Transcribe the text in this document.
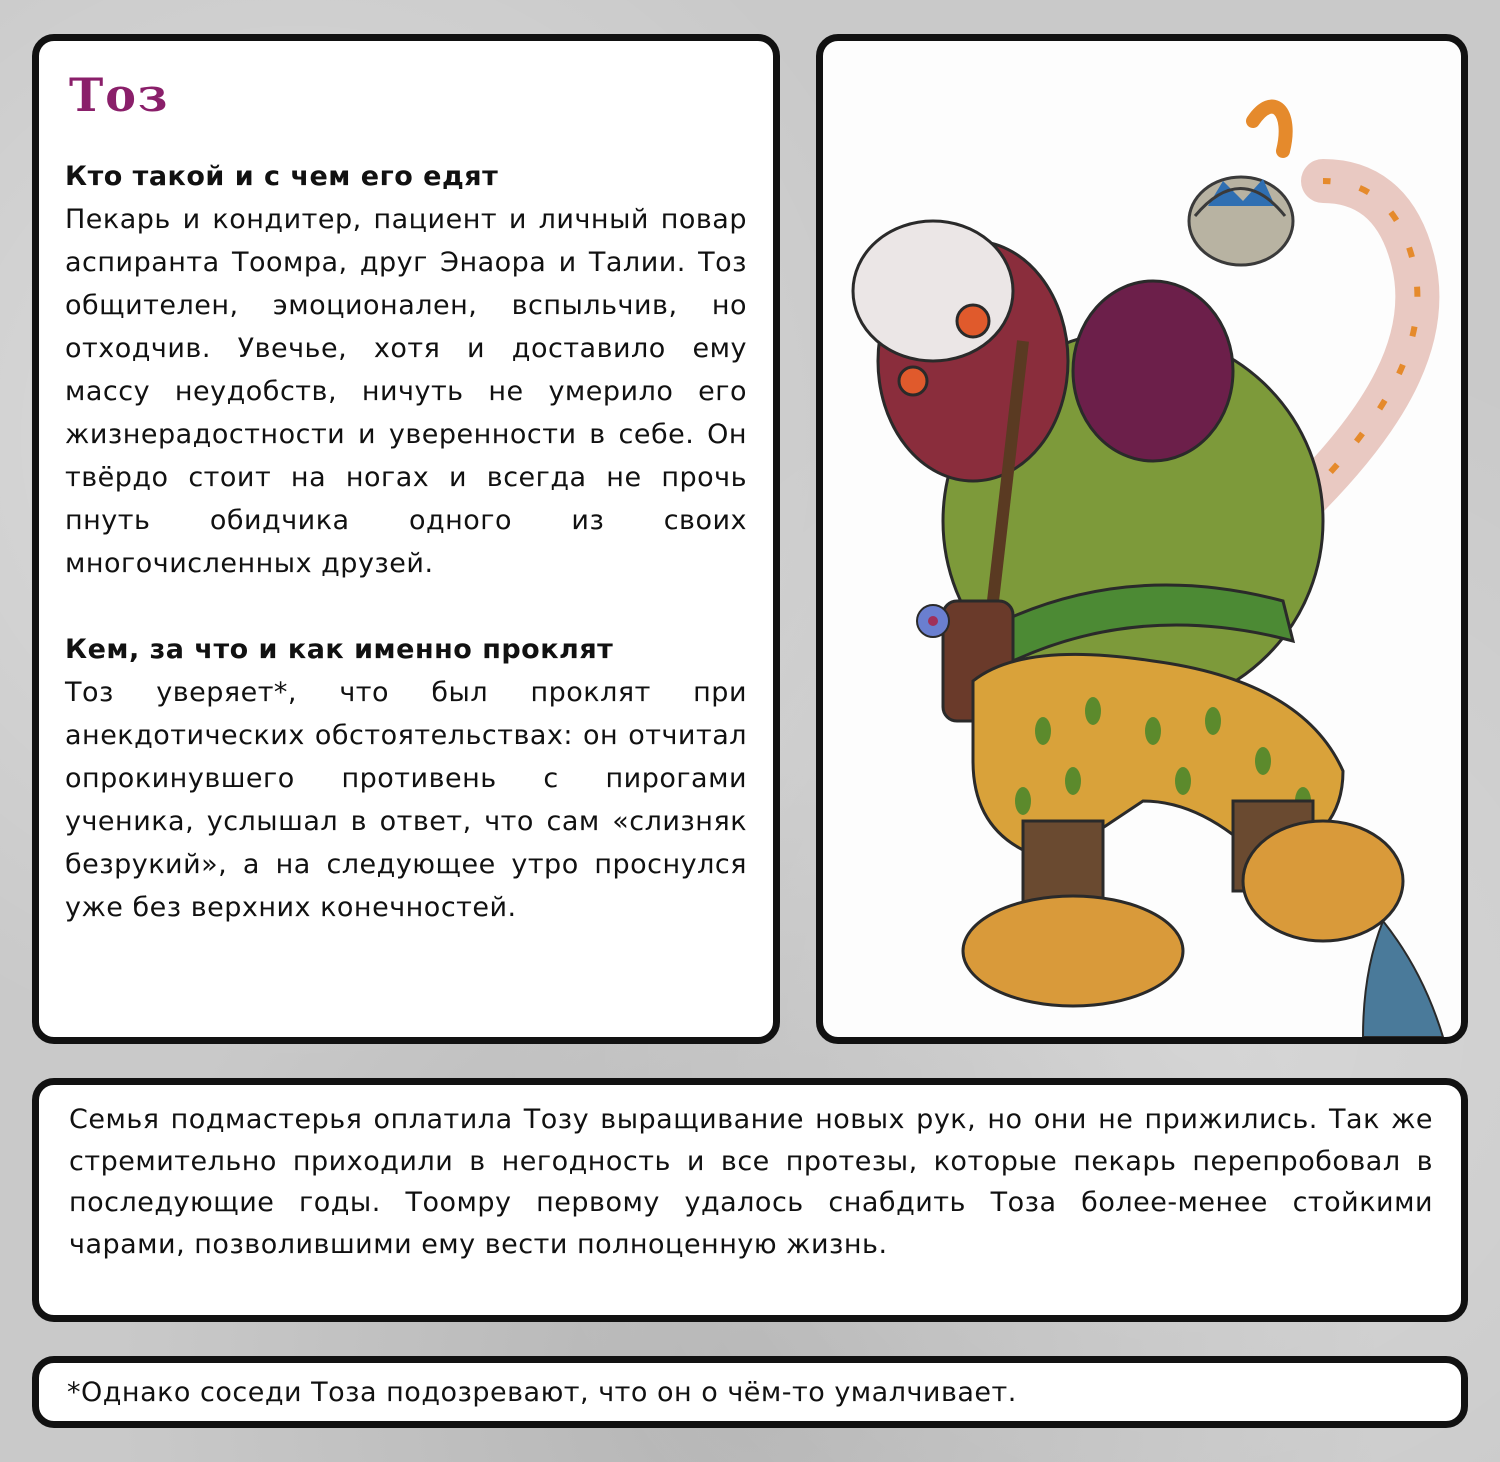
Тоз

Кто такой и с чем его едят

Пекарь и кондитер, пациент и личный повар аспиранта Тоомра, друг Энаора и Талии. Тоз общителен, эмоционален, вспыльчив, но отходчив. Увечье, хотя и доставило ему массу неудобств, ничуть не умерило его жизнерадостности и уверенности в себе. Он твёрдо стоит на ногах и всегда не прочь пнуть обидчика одного из своих многочисленных друзей.

Кем, за что и как именно проклят

Тоз уверяет*, что был проклят при анекдотических обстоятельствах: он отчитал опрокинувшего противень с пирогами ученика, услышал в ответ, что сам «слизняк безрукий», а на следующее утро проснулся уже без верхних конечностей.

Семья подмастерья оплатила Тозу выращивание новых рук, но они не прижились. Так же стремительно приходили в негодность и все протезы, которые пекарь перепробовал в последующие годы. Тоомру первому удалось снабдить Тоза более-менее стойкими чарами, позволившими ему вести полноценную жизнь.

*Однако соседи Тоза подозревают, что он о чём-то умалчивает.
